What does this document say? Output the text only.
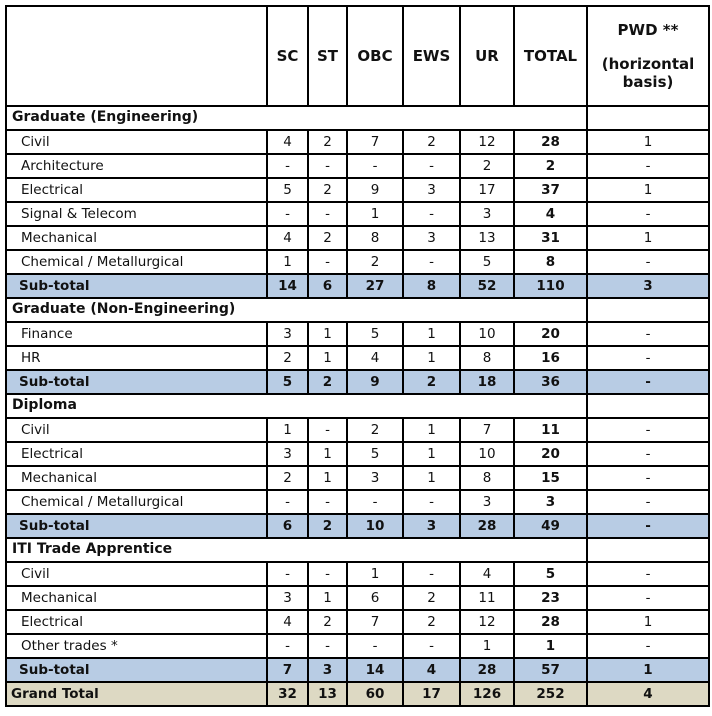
	SC	ST	OBC	EWS	UR	TOTAL	PWD **
(horizontal basis)

Graduate (Engineering)							
Civil	4	2	7	2	12	28	1
Architecture	-	-	-	-	2	2	-
Electrical	5	2	9	3	17	37	1
Signal & Telecom	-	-	1	-	3	4	-
Mechanical	4	2	8	3	13	31	1
Chemical / Metallurgical	1	-	2	-	5	8	-
Sub-total	14	6	27	8	52	110	3
Graduate (Non-Engineering)							
Finance	3	1	5	1	10	20	-
HR	2	1	4	1	8	16	-
Sub-total	5	2	9	2	18	36	-
Diploma							
Civil	1	-	2	1	7	11	-
Electrical	3	1	5	1	10	20	-
Mechanical	2	1	3	1	8	15	-
Chemical / Metallurgical	-	-	-	-	3	3	-
Sub-total	6	2	10	3	28	49	-
ITI Trade Apprentice							
Civil	-	-	1	-	4	5	-
Mechanical	3	1	6	2	11	23	-
Electrical	4	2	7	2	12	28	1
Other trades *	-	-	-	-	1	1	-
Sub-total	7	3	14	4	28	57	1
Grand Total	32	13	60	17	126	252	4
